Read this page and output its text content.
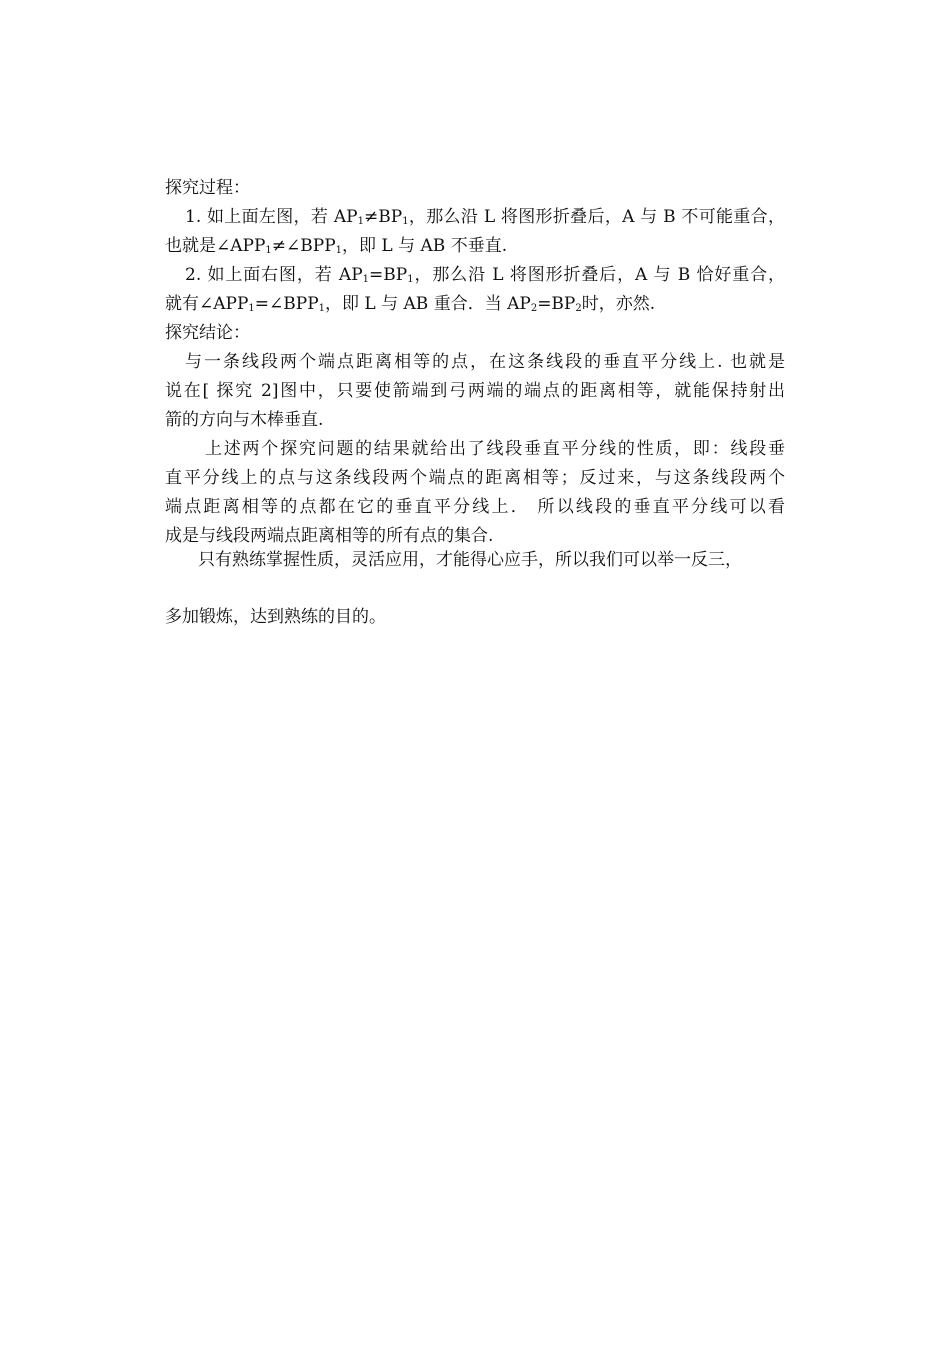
探究过程：
1. 如上面左图，若 $AP_1\ne BP_1$，那么沿 L 将图形折叠后，A 与 B 不可能重合，
也就是$\angle APP_1\ne\angle BPP_1$，即 L 与 AB 不垂直.
2. 如上面右图，若 $AP_1=BP_1$，那么沿 L 将图形折叠后，A 与 B 恰好重合，
就有$\angle APP_1=\angle BPP_1$，即 L 与 AB 重合．当 $AP_2=BP_2$时，亦然.
探究结论：
与一条线段两个端点距离相等的点，在这条线段的垂直平分线上. 也就是
说在[ 探究 2]图中，只要使箭端到弓两端的端点的距离相等，就能保持射出
箭的方向与木棒垂直.
上述两个探究问题的结果就给出了线段垂直平分线的性质，即：线段垂
直平分线上的点与这条线段两个端点的距离相等；反过来，与这条线段两个
端点距离相等的点都在它的垂直平分线上． 所以线段的垂直平分线可以看
成是与线段两端点距离相等的所有点的集合.
只有熟练掌握性质，灵活应用，才能得心应手，所以我们可以举一反三，
多加锻炼，达到熟练的目的。
